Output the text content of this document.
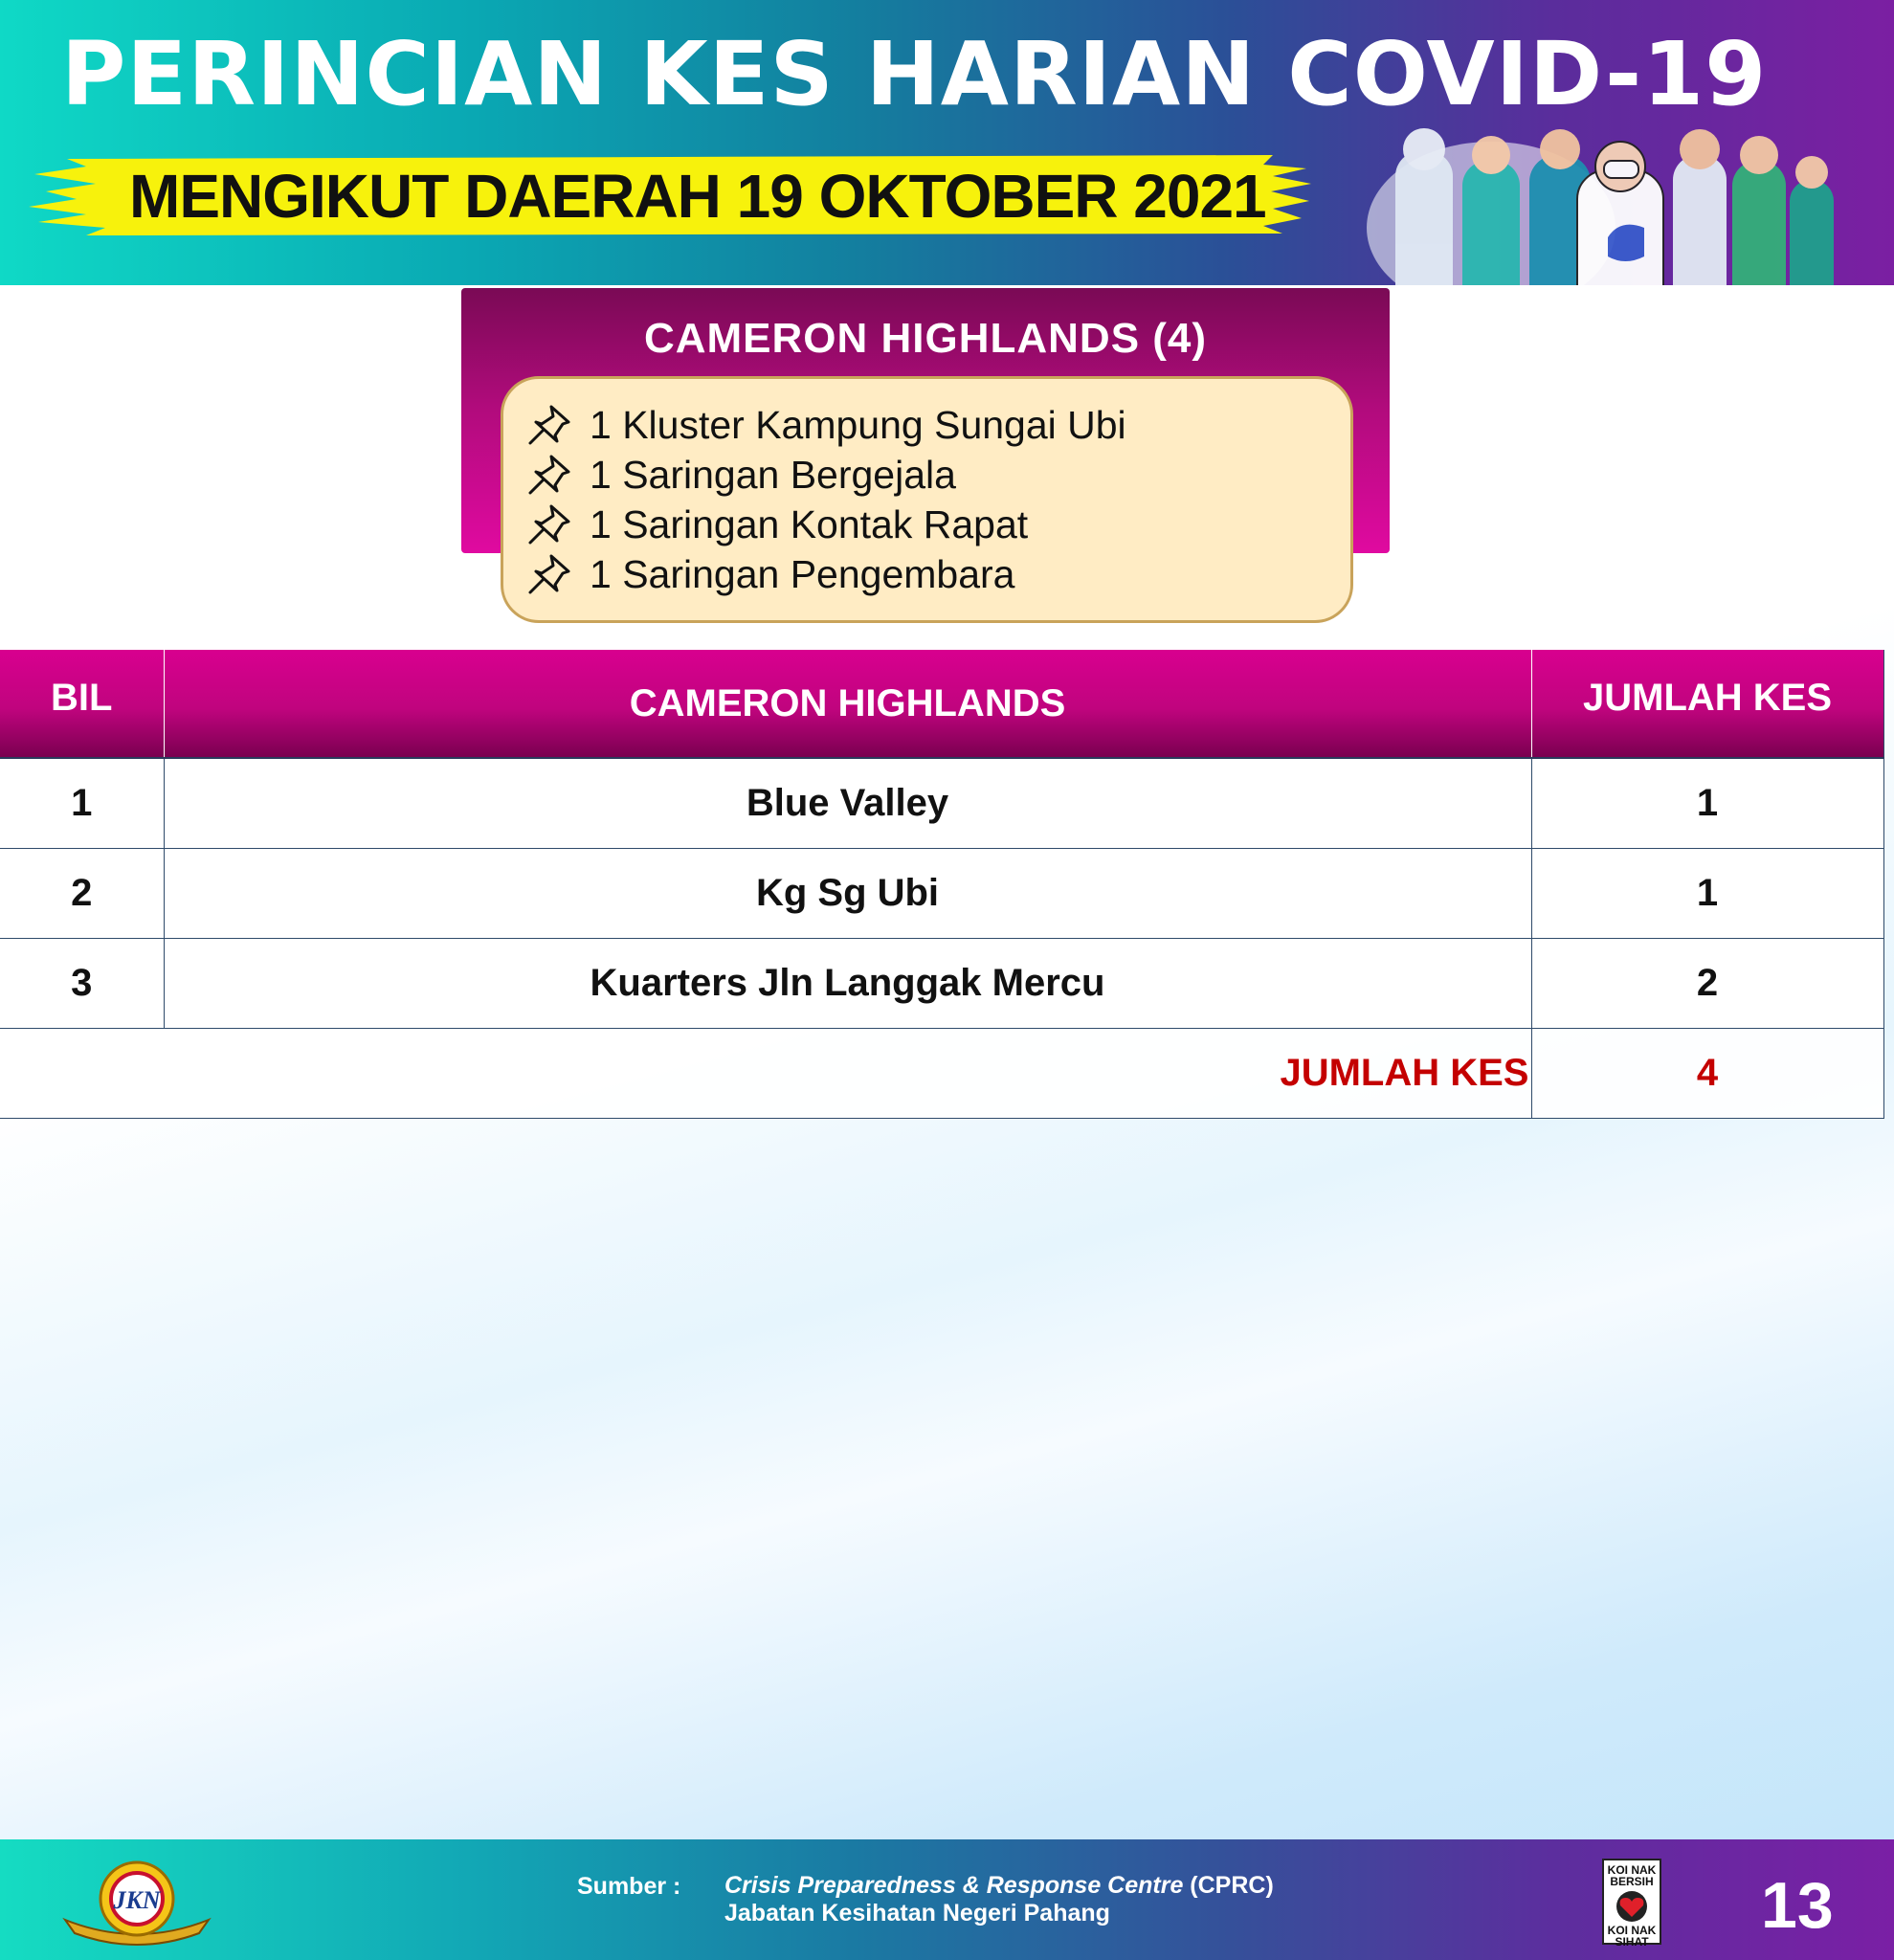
PERINCIAN KES HARIAN COVID-19
MENGIKUT DAERAH 19 OKTOBER 2021
CAMERON HIGHLANDS (4)
1 Kluster Kampung Sungai Ubi
1 Saringan Bergejala
1 Saringan Kontak Rapat
1 Saringan Pengembara
BIL	CAMERON HIGHLANDS	JUMLAH KES
1	Blue Valley	1
2	Kg Sg Ubi	1
3	Kuarters Jln Langgak Mercu	2
JUMLAH KES		4
JKN	Sumber : Crisis Preparedness & Response Centre (CPRC)
Jabatan Kesihatan Negeri Pahang
KOI NAK BERSIH
KOI NAK SIHAT 13
